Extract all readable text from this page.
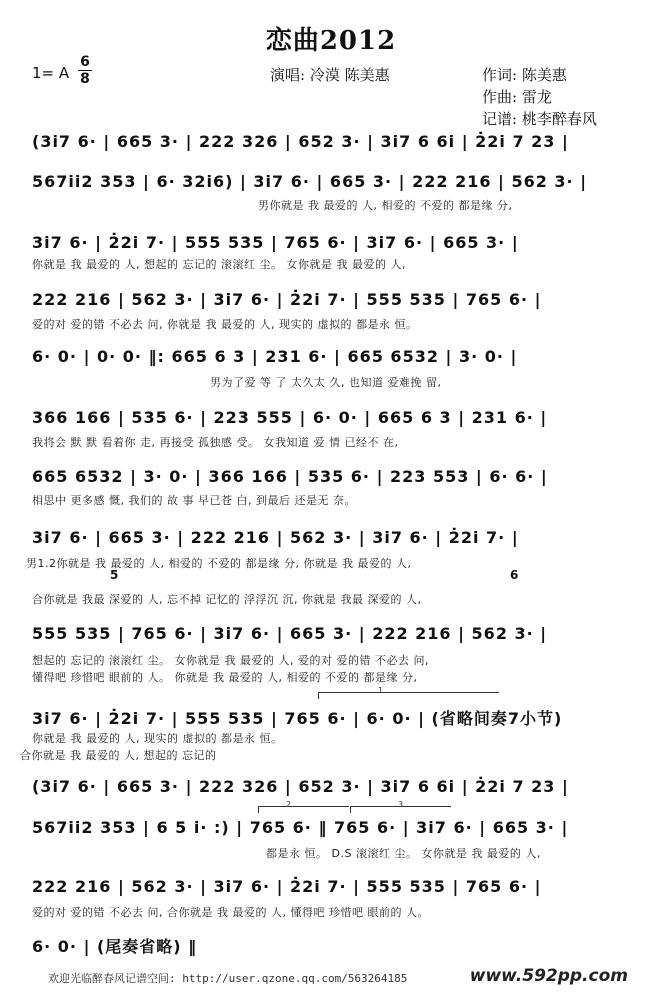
恋曲2012
1= A
6
8	演唱: 冷漠 陈美惠	作词: 陈美惠
作曲: 雷龙
记谱: 桃李醉春风
(3i7 6· | 665 3· | 222 326 | 652 3· | 3i7 6 6i | 2̇2i 7 23 |
567ii2 353 | 6· 32i6) | 3i7 6· | 665 3· | 222 216 | 562 3· |
男你就是 我 最爱的 人, 相爱的 不爱的 都是缘 分,
3i7 6· | 2̇2i 7· | 555 535 | 765 6· | 3i7 6· | 665 3· |
你就是 我 最爱的 人, 想起的 忘记的 滚滚红 尘。 女你就是 我 最爱的 人,
222 216 | 562 3· | 3i7 6· | 2̇2i 7· | 555 535 | 765 6· |
爱的对 爱的错 不必去 问, 你就是 我 最爱的 人, 现实的 虚拟的 都是永 恒。
6· 0· | 0· 0· ‖: 665 6 3 | 231 6· | 665 6532 | 3· 0· |
男为了爱 等 了 太久太 久, 也知道 爱难挽 留,
366 166 | 535 6· | 223 555 | 6· 0· | 665 6 3 | 231 6· |
我将会 默 默 看着你 走, 再接受 孤独感 受。 女我知道 爱 情 已经不 在,
665 6532 | 3· 0· | 366 166 | 535 6· | 223 553 | 6· 6· |
相思中 更多感 慨, 我们的 故 事 早已苍 白, 到最后 还是无 奈。
3i7 6· | 665 3· | 222 216 | 562 3· | 3i7 6· | 2̇2i 7· |
男1.2你就是 我 最爱的 人, 相爱的 不爱的 都是缘 分, 你就是 我 最爱的 人,
5	6
合你就是 我最 深爱的 人, 忘不掉 记忆的 浮浮沉 沉, 你就是 我最 深爱的 人,
555 535 | 765 6· | 3i7 6· | 665 3· | 222 216 | 562 3· |
想起的 忘记的 滚滚红 尘。 女你就是 我 最爱的 人, 爱的对 爱的错 不必去 问,
懂得吧 珍惜吧 眼前的 人。 你就是 我 最爱的 人, 相爱的 不爱的 都是缘 分,
1
3i7 6· | 2̇2i 7· | 555 535 | 765 6· | 6· 0· | (省略间奏7小节)
你就是 我 最爱的 人, 现实的 虚拟的 都是永 恒。
合你就是 我 最爱的 人, 想起的 忘记的
(3i7 6· | 665 3· | 222 326 | 652 3· | 3i7 6 6i | 2̇2i 7 23 |
2	3
567ii2 353 | 6 5 i· :) | 765 6· ‖ 765 6· | 3i7 6· | 665 3· |
都是永 恒。 D.S 滚滚红 尘。 女你就是 我 最爱的 人,
222 216 | 562 3· | 3i7 6· | 2̇2i 7· | 555 535 | 765 6· |
爱的对 爱的错 不必去 问, 合你就是 我 最爱的 人, 懂得吧 珍惜吧 眼前的 人。
6· 0· | (尾奏省略) ‖
欢迎光临醉春风记谱空间: http://user.qzone.qq.com/563264185	www.592pp.com
